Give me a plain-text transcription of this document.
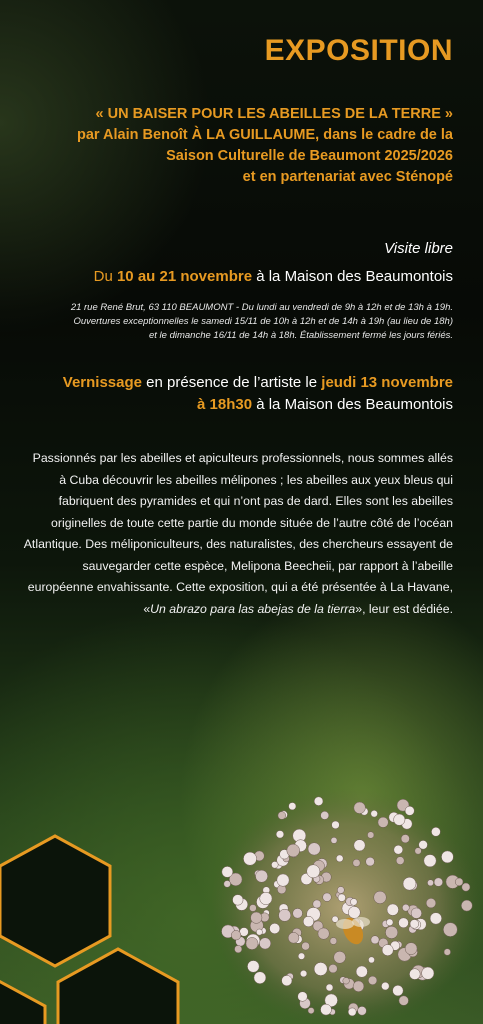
EXPOSITION

« UN BAISER POUR LES ABEILLES DE LA TERRE »
par Alain Benoît À LA GUILLAUME, dans le cadre de la
Saison Culturelle de Beaumont 2025/2026
et en partenariat avec Sténopé

Visite libre

Du 10 au 21 novembre à la Maison des Beaumontois

21 rue René Brut, 63 110 BEAUMONT - Du lundi au vendredi de 9h à 12h et de 13h à 19h.
Ouvertures exceptionnelles le samedi 15/11 de 10h à 12h et de 14h à 19h (au lieu de 18h)
et le dimanche 16/11 de 14h à 18h. Établissement fermé les jours fériés.

Vernissage en présence de l’artiste le jeudi 13 novembre
à 18h30 à la Maison des Beaumontois

Passionnés par les abeilles et apiculteurs professionnels, nous sommes allés à Cuba découvrir les abeilles mélipones ; les abeilles aux yeux bleus qui fabriquent des pyramides et qui n’ont pas de dard. Elles sont les abeilles originelles de toute cette partie du monde située de l’autre côté de l’océan Atlantique. Des méliponiculteurs, des naturalistes, des chercheurs essayent de sauvegarder cette espèce, Melipona Beecheii, par rapport à l’abeille européenne envahissante. Cette exposition, qui a été présentée à La Havane, «Un abrazo para las abejas de la tierra», leur est dédiée.
